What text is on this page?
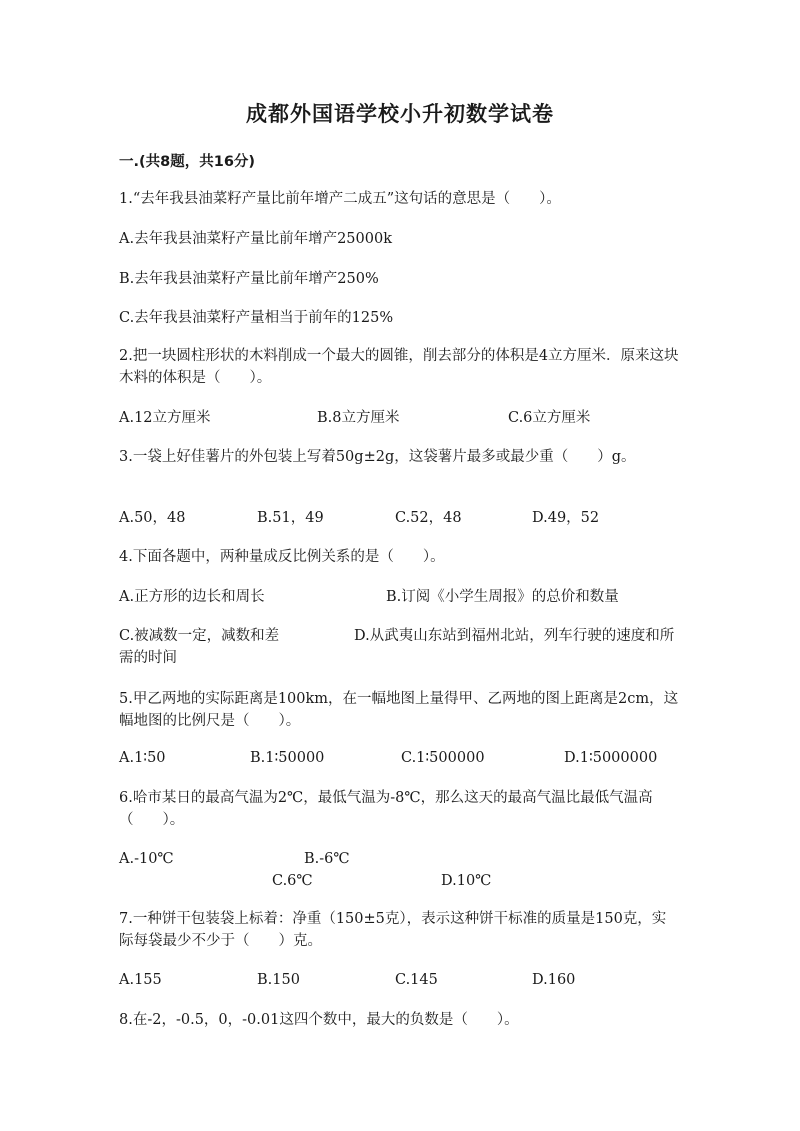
成都外国语学校小升初数学试卷
一.(共8题，共16分)
1.“去年我县油菜籽产量比前年增产二成五”这句话的意思是（　　）。
A.去年我县油菜籽产量比前年增产25000k
B.去年我县油菜籽产量比前年增产250%
C.去年我县油菜籽产量相当于前年的125%
2.把一块圆柱形状的木料削成一个最大的圆锥，削去部分的体积是4立方厘米．原来这块木料的体积是（　　）。
A.12立方厘米	B.8立方厘米	C.6立方厘米
3.一袋上好佳薯片的外包装上写着50g±2g，这袋薯片最多或最少重（　　）g。
A.50，48	B.51，49	C.52，48	D.49，52
4.下面各题中，两种量成反比例关系的是（　　）。
A.正方形的边长和周长	B.订阅《小学生周报》的总价和数量
C.被减数一定，减数和差	D.从武夷山东站到福州北站，列车行驶的速度和所需的时间
5.甲乙两地的实际距离是100km，在一幅地图上量得甲、乙两地的图上距离是2cm，这幅地图的比例尺是（　　）。
A.1∶50	B.1∶50000	C.1∶500000	D.1∶5000000
6.哈市某日的最高气温为2℃，最低气温为-8℃，那么这天的最高气温比最低气温高（　　）。
A.-10℃	B.-6℃
C.6℃	D.10℃
7.一种饼干包装袋上标着：净重（150±5克），表示这种饼干标准的质量是150克，实际每袋最少不少于（　　）克。
A.155	B.150	C.145	D.160
8.在-2，-0.5，0，-0.01这四个数中，最大的负数是（　　）。
